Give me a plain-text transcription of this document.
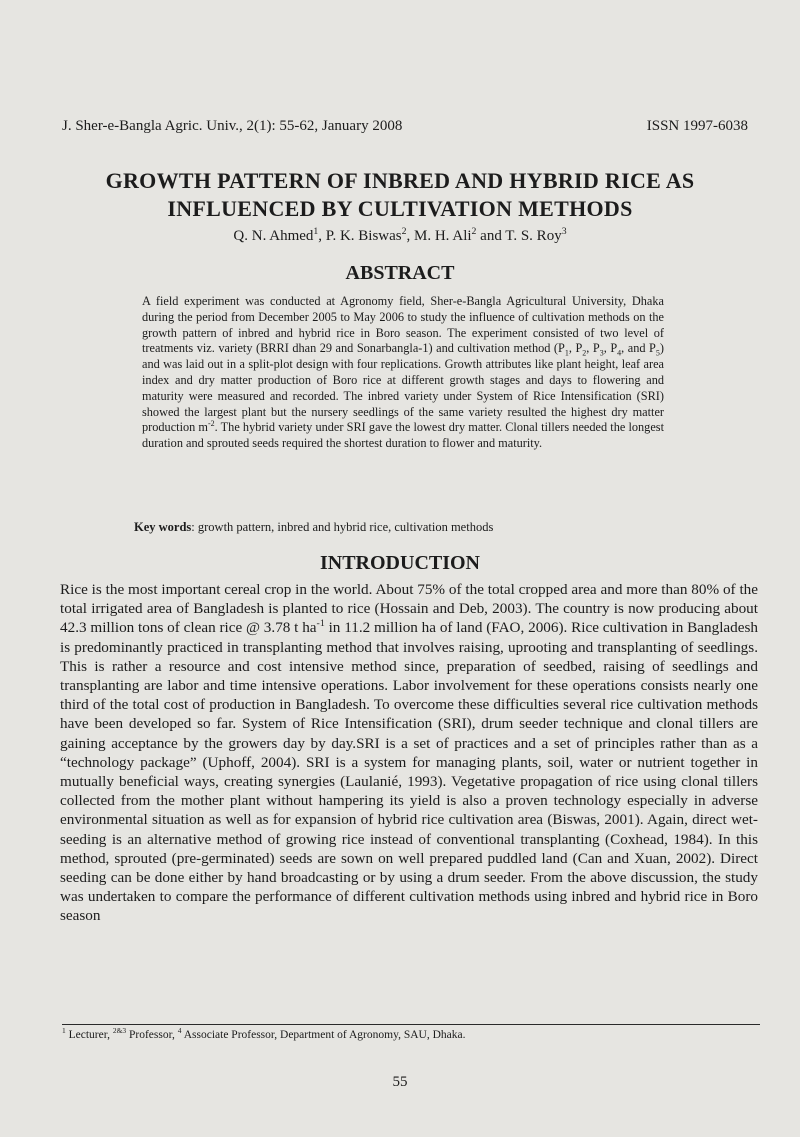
J. Sher-e-Bangla Agric. Univ., 2(1): 55-62, January 2008	ISSN 1997-6038
GROWTH PATTERN OF INBRED AND HYBRID RICE AS
INFLUENCED BY CULTIVATION METHODS
Q. N. Ahmed$^1$, P. K. Biswas$^2$, M. H. Ali$^2$ and T. S. Roy$^3$
ABSTRACT
A field experiment was conducted at Agronomy field, Sher-e-Bangla Agricultural University, Dhaka during the period from December 2005 to May 2006 to study the influence of cultivation methods on the growth pattern of inbred and hybrid rice in Boro season. The experiment consisted of two level of treatments viz. variety (BRRI dhan 29 and Sonarbangla-1) and cultivation method ($P_1$, $P_2$, $P_3$, $P_4$, and $P_5$) and was laid out in a split-plot design with four replications. Growth attributes like plant height, leaf area index and dry matter production of Boro rice at different growth stages and days to flowering and maturity were measured and recorded. The inbred variety under System of Rice Intensification (SRI) showed the largest plant but the nursery seedlings of the same variety resulted the highest dry matter production $m^{-2}$. The hybrid variety under SRI gave the lowest dry matter. Clonal tillers needed the longest duration and sprouted seeds required the shortest duration to flower and maturity.
Key words: growth pattern, inbred and hybrid rice, cultivation methods
INTRODUCTION
Rice is the most important cereal crop in the world. About 75% of the total cropped area and more than 80% of the total irrigated area of Bangladesh is planted to rice (Hossain and Deb, 2003). The country is now producing about 42.3 million tons of clean rice @ 3.78 t $ha^{-1}$ in 11.2 million ha of land (FAO, 2006). Rice cultivation in Bangladesh is predominantly practiced in transplanting method that involves raising, uprooting and transplanting of seedlings. This is rather a resource and cost intensive method since, preparation of seedbed, raising of seedlings and transplanting are labor and time intensive operations. Labor involvement for these operations consists nearly one third of the total cost of production in Bangladesh. To overcome these difficulties several rice cultivation methods have been developed so far. System of Rice Intensification (SRI), drum seeder technique and clonal tillers are gaining acceptance by the growers day by day.SRI is a set of practices and a set of principles rather than as a “technology package” (Uphoff, 2004). SRI is a system for managing plants, soil, water or nutrient together in mutually beneficial ways, creating synergies (Laulanié, 1993). Vegetative propagation of rice using clonal tillers collected from the mother plant without hampering its yield is also a proven technology especially in adverse environmental situation as well as for expansion of hybrid rice cultivation area (Biswas, 2001). Again, direct wet-seeding is an alternative method of growing rice instead of conventional transplanting (Coxhead, 1984). In this method, sprouted (pre-germinated) seeds are sown on well prepared puddled land (Can and Xuan, 2002). Direct seeding can be done either by hand broadcasting or by using a drum seeder. From the above discussion, the study was undertaken to compare the performance of different cultivation methods using inbred and hybrid rice in Boro season
$^1$ Lecturer, $^{2\&3}$ Professor, $^4$ Associate Professor, Department of Agronomy, SAU, Dhaka.
55
